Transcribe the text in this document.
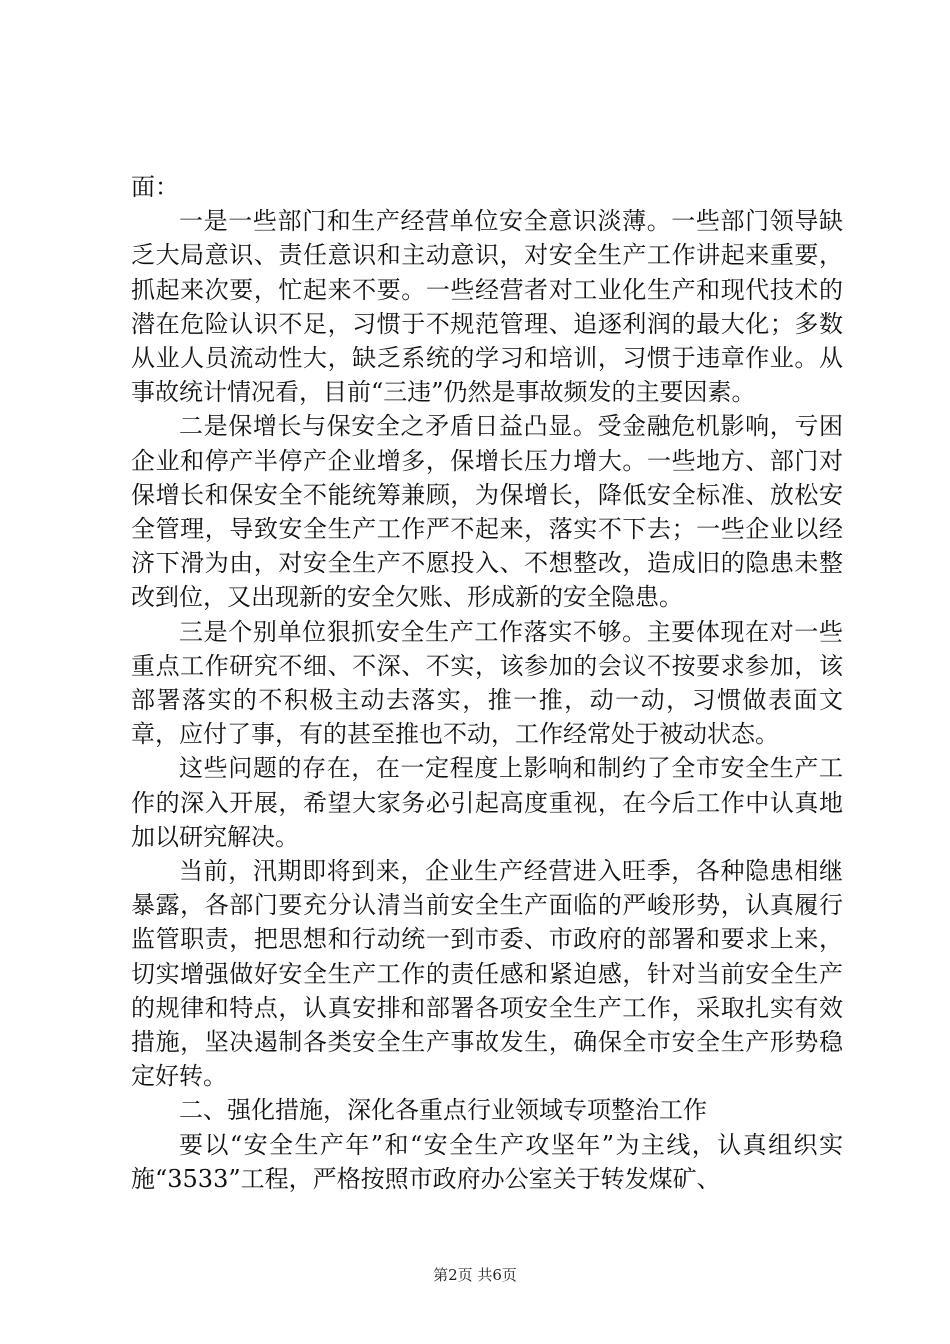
面：

一是一些部门和生产经营单位安全意识淡薄。一些部门领导缺乏大局意识、责任意识和主动意识，对安全生产工作讲起来重要，抓起来次要，忙起来不要。一些经营者对工业化生产和现代技术的潜在危险认识不足，习惯于不规范管理、追逐利润的最大化；多数从业人员流动性大，缺乏系统的学习和培训，习惯于违章作业。从事故统计情况看，目前“三违”仍然是事故频发的主要因素。

二是保增长与保安全之矛盾日益凸显。受金融危机影响，亏困企业和停产半停产企业增多，保增长压力增大。一些地方、部门对保增长和保安全不能统筹兼顾，为保增长，降低安全标准、放松安全管理，导致安全生产工作严不起来，落实不下去；一些企业以经济下滑为由，对安全生产不愿投入、不想整改，造成旧的隐患未整改到位，又出现新的安全欠账、形成新的安全隐患。

三是个别单位狠抓安全生产工作落实不够。主要体现在对一些重点工作研究不细、不深、不实，该参加的会议不按要求参加，该部署落实的不积极主动去落实，推一推，动一动，习惯做表面文章，应付了事，有的甚至推也不动，工作经常处于被动状态。

这些问题的存在，在一定程度上影响和制约了全市安全生产工作的深入开展，希望大家务必引起高度重视，在今后工作中认真地加以研究解决。

当前，汛期即将到来，企业生产经营进入旺季，各种隐患相继暴露，各部门要充分认清当前安全生产面临的严峻形势，认真履行监管职责，把思想和行动统一到市委、市政府的部署和要求上来，切实增强做好安全生产工作的责任感和紧迫感，针对当前安全生产的规律和特点，认真安排和部署各项安全生产工作，采取扎实有效措施，坚决遏制各类安全生产事故发生，确保全市安全生产形势稳定好转。

二、强化措施，深化各重点行业领域专项整治工作

要以“安全生产年”和“安全生产攻坚年”为主线，认真组织实施“3533”工程，严格按照市政府办公室关于转发煤矿、

第2页 共6页
